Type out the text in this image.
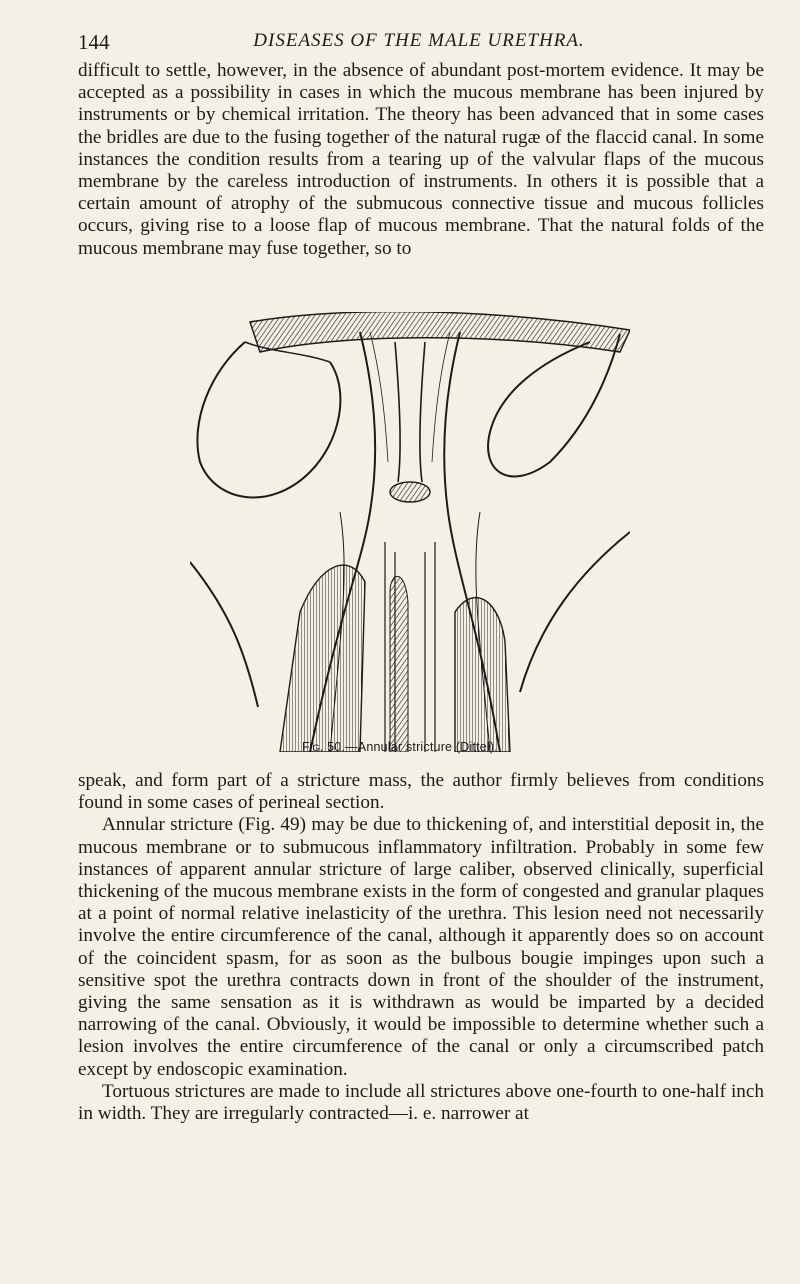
144	DISEASES OF THE MALE URETHRA.

difficult to settle, however, in the absence of abundant post-mortem evidence. It may be accepted as a possibility in cases in which the mucous membrane has been injured by instruments or by chemical irritation. The theory has been advanced that in some cases the bridles are due to the fusing together of the natural rugæ of the flaccid canal. In some instances the condition results from a tearing up of the valvular flaps of the mucous membrane by the careless introduction of instruments. In others it is possible that a certain amount of atrophy of the submucous connective tissue and mucous follicles occurs, giving rise to a loose flap of mucous membrane. That the natural folds of the mucous membrane may fuse together, so to

Fig. 50.—Annular stricture (Dittel).

speak, and form part of a stricture mass, the author firmly believes from conditions found in some cases of perineal section.

Annular stricture (Fig. 49) may be due to thickening of, and interstitial deposit in, the mucous membrane or to submucous inflammatory infiltration. Probably in some few instances of apparent annular stricture of large caliber, observed clinically, superficial thickening of the mucous membrane exists in the form of congested and granular plaques at a point of normal relative inelasticity of the urethra. This lesion need not necessarily involve the entire circumference of the canal, although it apparently does so on account of the coincident spasm, for as soon as the bulbous bougie impinges upon such a sensitive spot the urethra contracts down in front of the shoulder of the instrument, giving the same sensation as it is withdrawn as would be imparted by a decided narrowing of the canal. Obviously, it would be impossible to determine whether such a lesion involves the entire circumference of the canal or only a circumscribed patch except by endoscopic examination.

Tortuous strictures are made to include all strictures above one-fourth to one-half inch in width. They are irregularly contracted—i. e. narrower at
